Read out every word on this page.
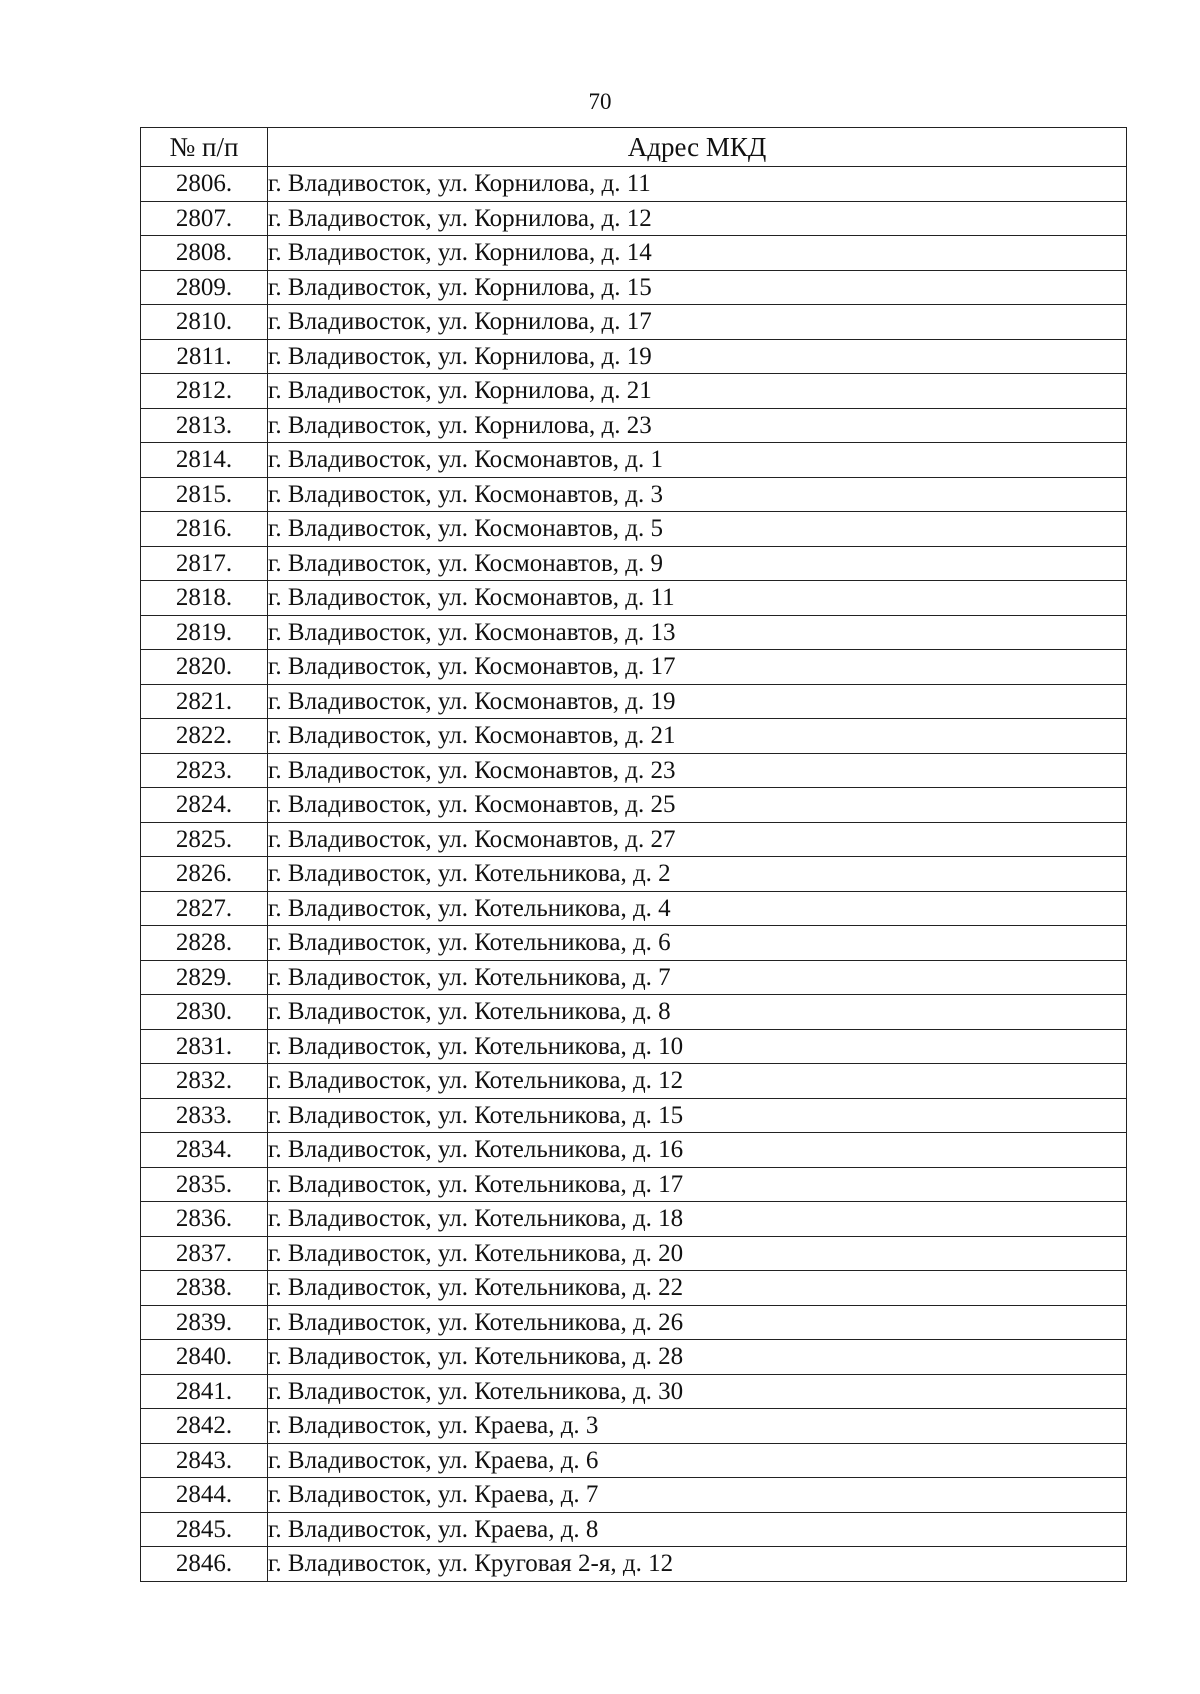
70
№ п/п	Адрес МКД
2806.	г. Владивосток, ул. Корнилова, д. 11
2807.	г. Владивосток, ул. Корнилова, д. 12
2808.	г. Владивосток, ул. Корнилова, д. 14
2809.	г. Владивосток, ул. Корнилова, д. 15
2810.	г. Владивосток, ул. Корнилова, д. 17
2811.	г. Владивосток, ул. Корнилова, д. 19
2812.	г. Владивосток, ул. Корнилова, д. 21
2813.	г. Владивосток, ул. Корнилова, д. 23
2814.	г. Владивосток, ул. Космонавтов, д. 1
2815.	г. Владивосток, ул. Космонавтов, д. 3
2816.	г. Владивосток, ул. Космонавтов, д. 5
2817.	г. Владивосток, ул. Космонавтов, д. 9
2818.	г. Владивосток, ул. Космонавтов, д. 11
2819.	г. Владивосток, ул. Космонавтов, д. 13
2820.	г. Владивосток, ул. Космонавтов, д. 17
2821.	г. Владивосток, ул. Космонавтов, д. 19
2822.	г. Владивосток, ул. Космонавтов, д. 21
2823.	г. Владивосток, ул. Космонавтов, д. 23
2824.	г. Владивосток, ул. Космонавтов, д. 25
2825.	г. Владивосток, ул. Космонавтов, д. 27
2826.	г. Владивосток, ул. Котельникова, д. 2
2827.	г. Владивосток, ул. Котельникова, д. 4
2828.	г. Владивосток, ул. Котельникова, д. 6
2829.	г. Владивосток, ул. Котельникова, д. 7
2830.	г. Владивосток, ул. Котельникова, д. 8
2831.	г. Владивосток, ул. Котельникова, д. 10
2832.	г. Владивосток, ул. Котельникова, д. 12
2833.	г. Владивосток, ул. Котельникова, д. 15
2834.	г. Владивосток, ул. Котельникова, д. 16
2835.	г. Владивосток, ул. Котельникова, д. 17
2836.	г. Владивосток, ул. Котельникова, д. 18
2837.	г. Владивосток, ул. Котельникова, д. 20
2838.	г. Владивосток, ул. Котельникова, д. 22
2839.	г. Владивосток, ул. Котельникова, д. 26
2840.	г. Владивосток, ул. Котельникова, д. 28
2841.	г. Владивосток, ул. Котельникова, д. 30
2842.	г. Владивосток, ул. Краева, д. 3
2843.	г. Владивосток, ул. Краева, д. 6
2844.	г. Владивосток, ул. Краева, д. 7
2845.	г. Владивосток, ул. Краева, д. 8
2846.	г. Владивосток, ул. Круговая 2-я, д. 12
